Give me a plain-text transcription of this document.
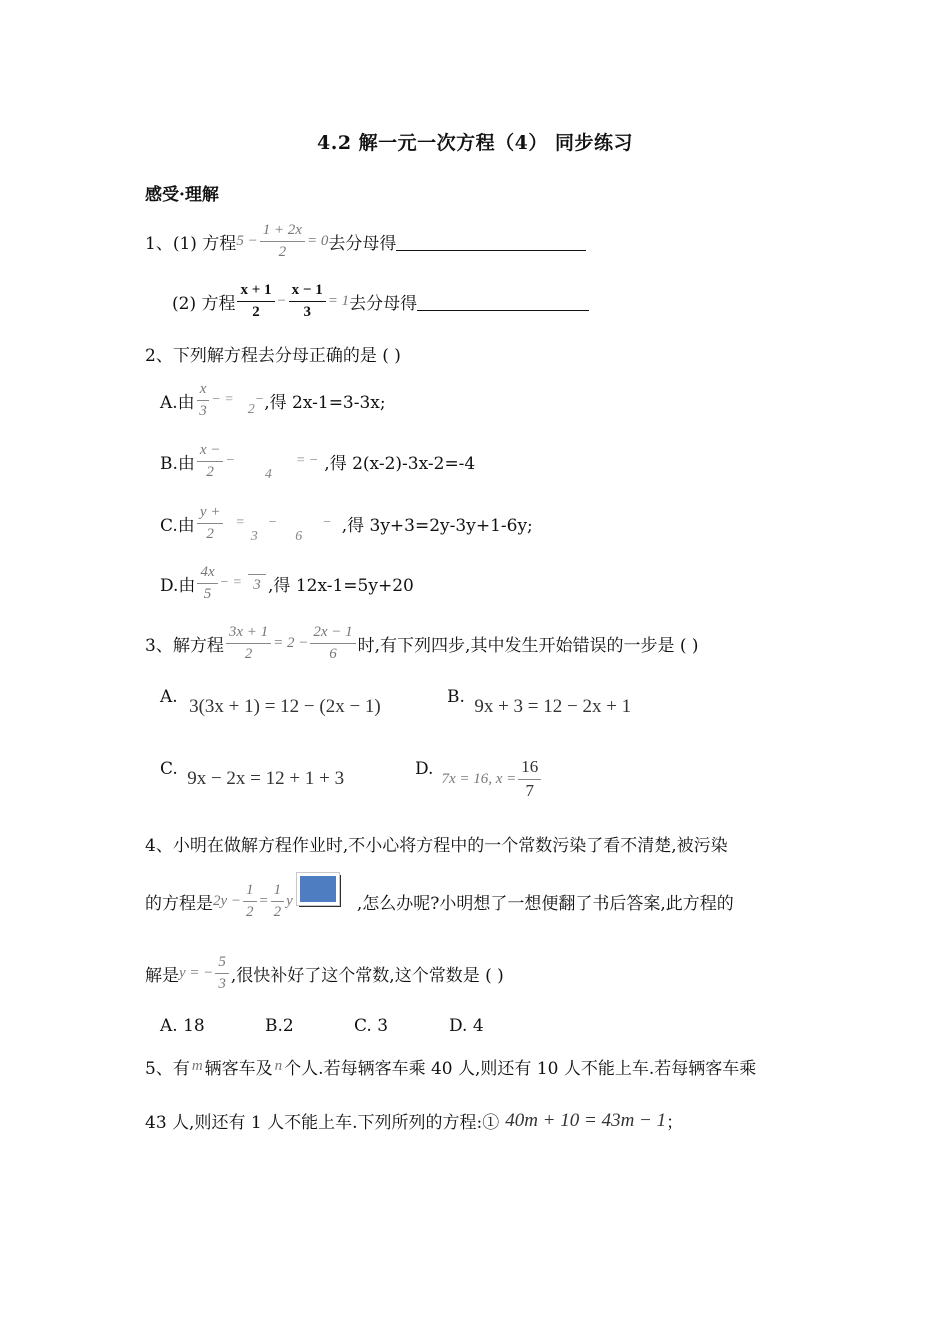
4.2 解一元一次方程（4） 同步练习
感受·理解
1、(1) 方程 $5 - \frac{1 + 2x}{2} = 0$ 去分母得
(2) 方程 $\frac{x + 1}{2} - \frac{x - 1}{3} = 1$ 去分母得
2、下列解方程去分母正确的是 ( )
A.由 $\frac{x}{3}$ − =
2
− ,得 2x-1=3-3x;
B.由 $\frac{x -}{2}$ −
4
= − ,得 2(x-2)-3x-2=-4
C.由 $\frac{y +}{2}$ =
3
−
6
− ,得 3y+3=2y-3y+1-6y;
D.由 $\frac{4x}{5}$ − = 3 ,得 12x-1=5y+20
3、解方程 $\frac{3x + 1}{2} = 2 - \frac{2x - 1}{6}$ 时,有下列四步,其中发生开始错误的一步是 ( )
A. 3(3x + 1) = 12 − (2x − 1)	B. 9x + 3 = 12 − 2x + 1
C. 9x − 2x = 12 + 1 + 3	D. 7x = 16, $x = \frac{16}{7}$
4、小明在做解方程作业时,不小心将方程中的一个常数污染了看不清楚,被污染
的方程是 $2y - \frac{1}{2} = \frac{1}{2}$ y	,怎么办呢?小明想了一想便翻了书后答案,此方程的
解是 y = − $\frac{5}{3}$ ,很快补好了这个常数,这个常数是 ( )
A. 18	B.2	C. 3	D. 4
5、有 m 辆客车及 n 个人.若每辆客车乘 40 人,则还有 10 人不能上车.若每辆客车乘
43 人,则还有 1 人不能上车.下列所列的方程:① 40m + 10 = 43m − 1 ；
